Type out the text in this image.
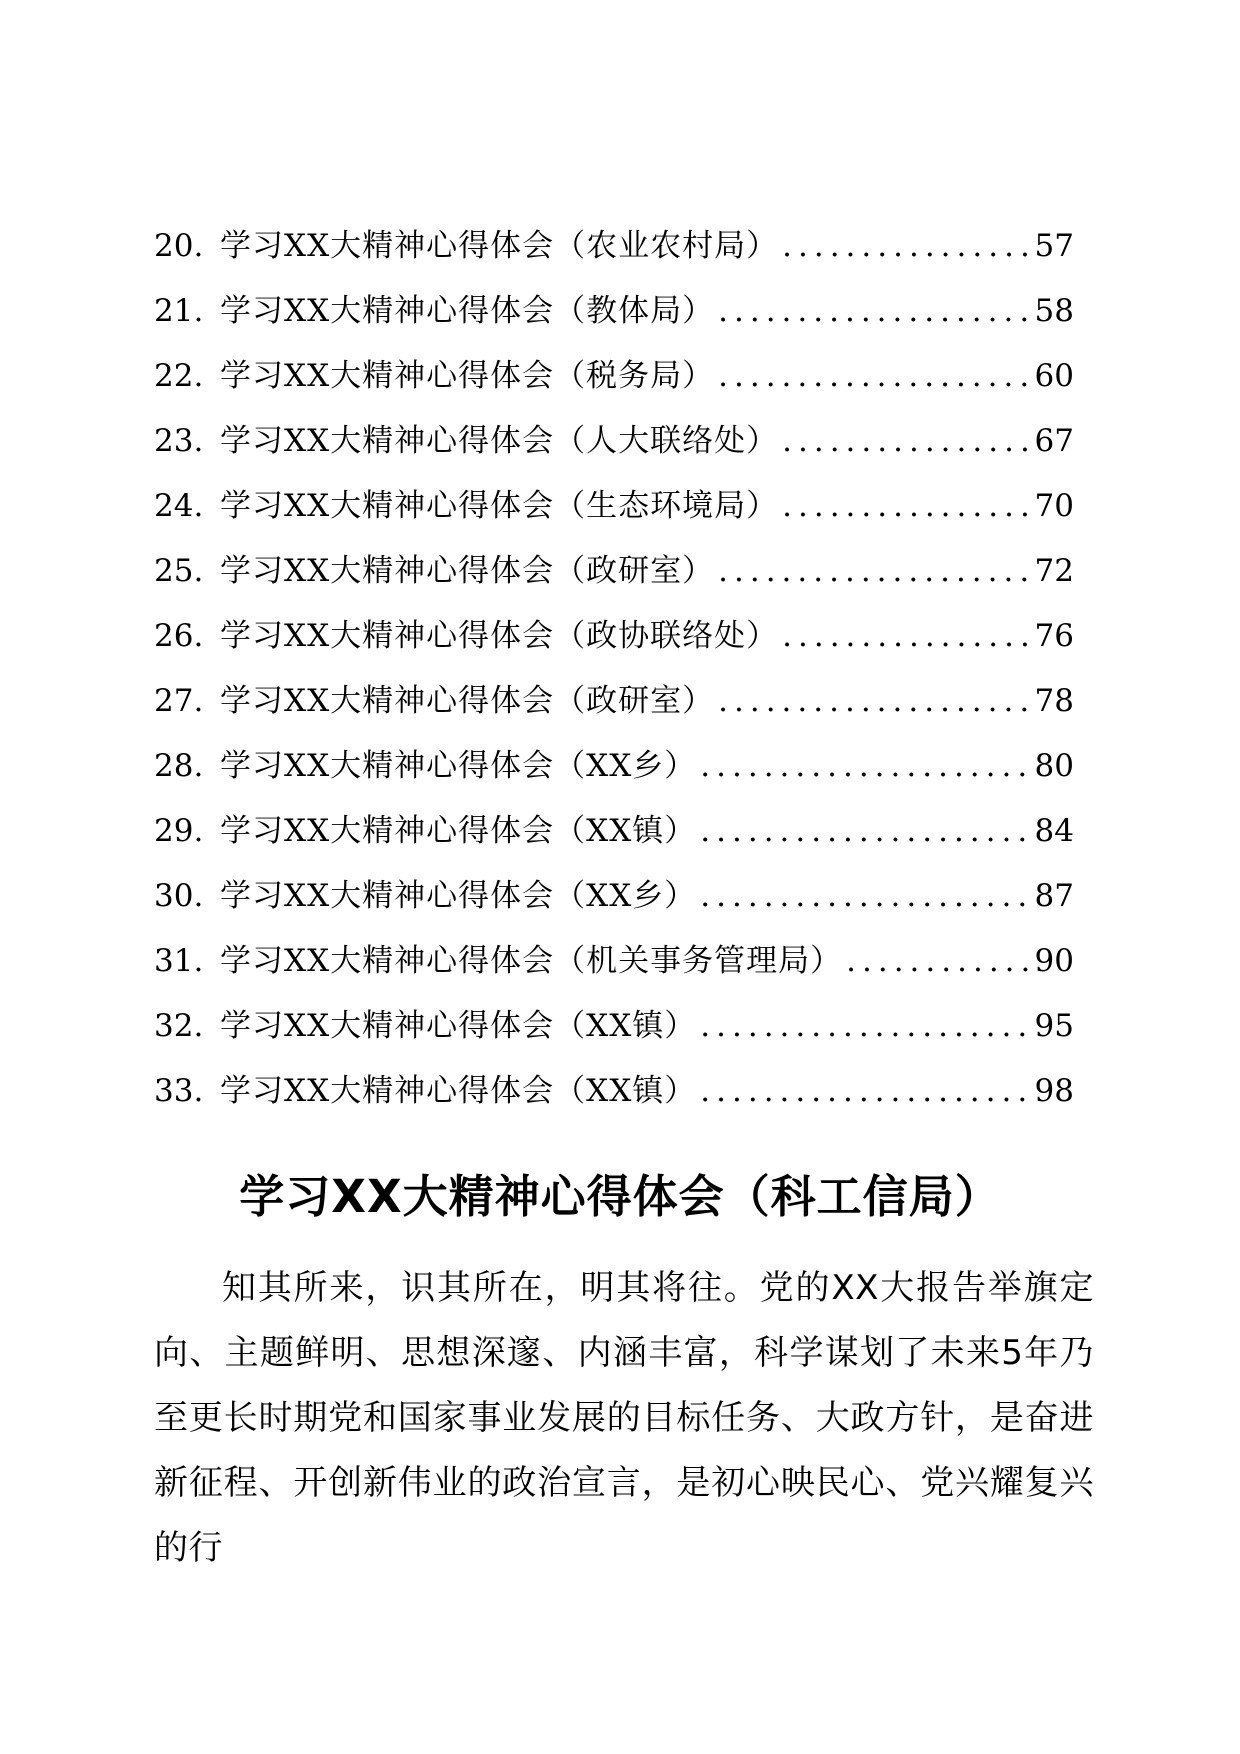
20. 学习XX大精神心得体会（农业农村局） .....	57
21. 学习XX大精神心得体会（教体局） .....	58
22. 学习XX大精神心得体会（税务局） .....	60
23. 学习XX大精神心得体会（人大联络处） .....	67
24. 学习XX大精神心得体会（生态环境局） .....	70
25. 学习XX大精神心得体会（政研室） .....	72
26. 学习XX大精神心得体会（政协联络处） .....	76
27. 学习XX大精神心得体会（政研室） .....	78
28. 学习XX大精神心得体会（XX乡） .....	80
29. 学习XX大精神心得体会（XX镇） .....	84
30. 学习XX大精神心得体会（XX乡） .....	87
31. 学习XX大精神心得体会（机关事务管理局） .....	90
32. 学习XX大精神心得体会（XX镇） .....	95
33. 学习XX大精神心得体会（XX镇） .....	98
学习XX大精神心得体会（科工信局）

知其所来，识其所在，明其将往。党的XX大报告举旗定向、主题鲜明、思想深邃、内涵丰富，科学谋划了未来5年乃至更长时期党和国家事业发展的目标任务、大政方针，是奋进新征程、开创新伟业的政治宣言，是初心映民心、党兴耀复兴的行
